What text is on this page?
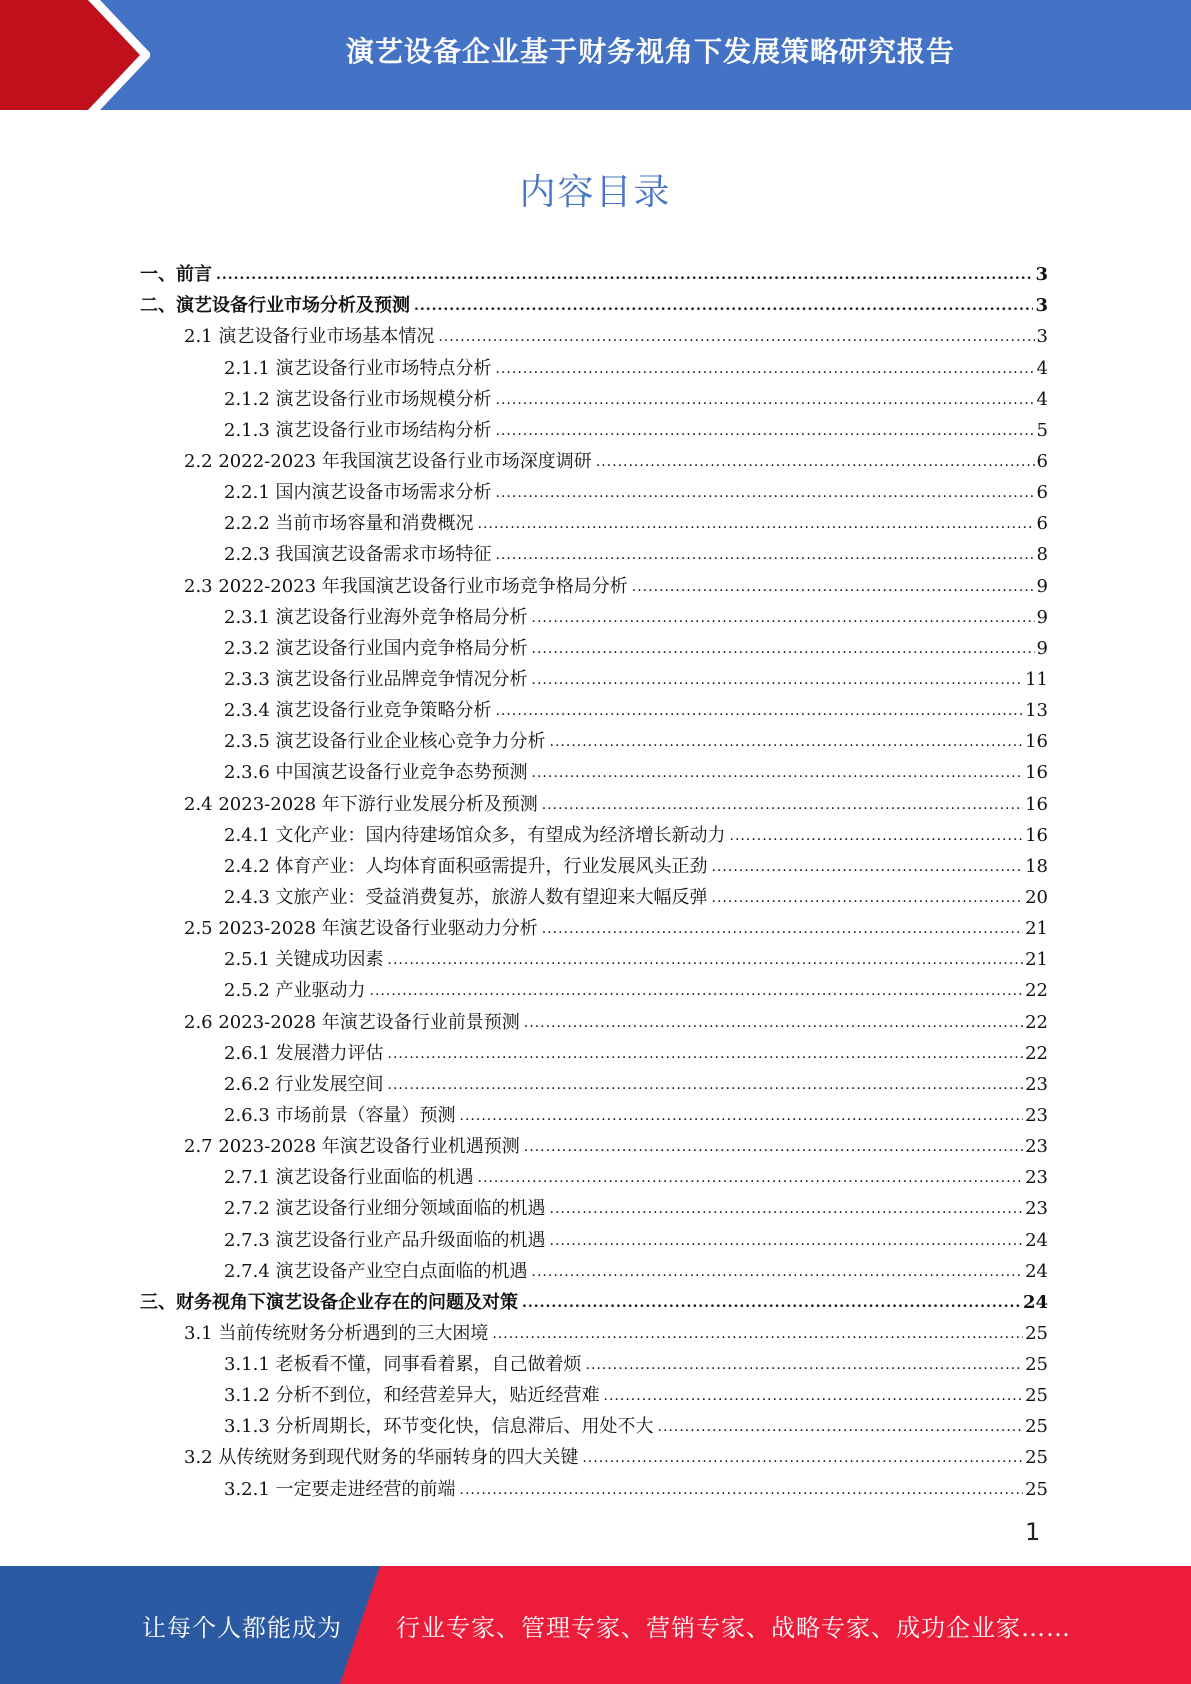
演艺设备企业基于财务视角下发展策略研究报告
内容目录
一、前言 .....	3
二、演艺设备行业市场分析及预测 .....	3
2.1 演艺设备行业市场基本情况 .....	3
2.1.1 演艺设备行业市场特点分析 .....	4
2.1.2 演艺设备行业市场规模分析 .....	4
2.1.3 演艺设备行业市场结构分析 .....	5
2.2 2022-2023 年我国演艺设备行业市场深度调研 .....	6
2.2.1 国内演艺设备市场需求分析 .....	6
2.2.2 当前市场容量和消费概况 .....	6
2.2.3 我国演艺设备需求市场特征 .....	8
2.3 2022-2023 年我国演艺设备行业市场竞争格局分析 .....	9
2.3.1 演艺设备行业海外竞争格局分析 .....	9
2.3.2 演艺设备行业国内竞争格局分析 .....	9
2.3.3 演艺设备行业品牌竞争情况分析 .....	11
2.3.4 演艺设备行业竞争策略分析 .....	13
2.3.5 演艺设备行业企业核心竞争力分析 .....	16
2.3.6 中国演艺设备行业竞争态势预测 .....	16
2.4 2023-2028 年下游行业发展分析及预测 .....	16
2.4.1 文化产业：国内待建场馆众多，有望成为经济增长新动力 .....	16
2.4.2 体育产业：人均体育面积亟需提升，行业发展风头正劲 .....	18
2.4.3 文旅产业：受益消费复苏，旅游人数有望迎来大幅反弹 .....	20
2.5 2023-2028 年演艺设备行业驱动力分析 .....	21
2.5.1 关键成功因素 .....	21
2.5.2 产业驱动力 .....	22
2.6 2023-2028 年演艺设备行业前景预测 .....	22
2.6.1 发展潜力评估 .....	22
2.6.2 行业发展空间 .....	23
2.6.3 市场前景（容量）预测 .....	23
2.7 2023-2028 年演艺设备行业机遇预测 .....	23
2.7.1 演艺设备行业面临的机遇 .....	23
2.7.2 演艺设备行业细分领域面临的机遇 .....	23
2.7.3 演艺设备行业产品升级面临的机遇 .....	24
2.7.4 演艺设备产业空白点面临的机遇 .....	24
三、财务视角下演艺设备企业存在的问题及对策 .....	24
3.1 当前传统财务分析遇到的三大困境 .....	25
3.1.1 老板看不懂，同事看着累，自己做着烦 .....	25
3.1.2 分析不到位，和经营差异大，贴近经营难 .....	25
3.1.3 分析周期长，环节变化快，信息滞后、用处不大 .....	25
3.2 从传统财务到现代财务的华丽转身的四大关键 .....	25
3.2.1 一定要走进经营的前端 .....	25
1
让每个人都能成为 行业专家、管理专家、营销专家、战略专家、成功企业家……
